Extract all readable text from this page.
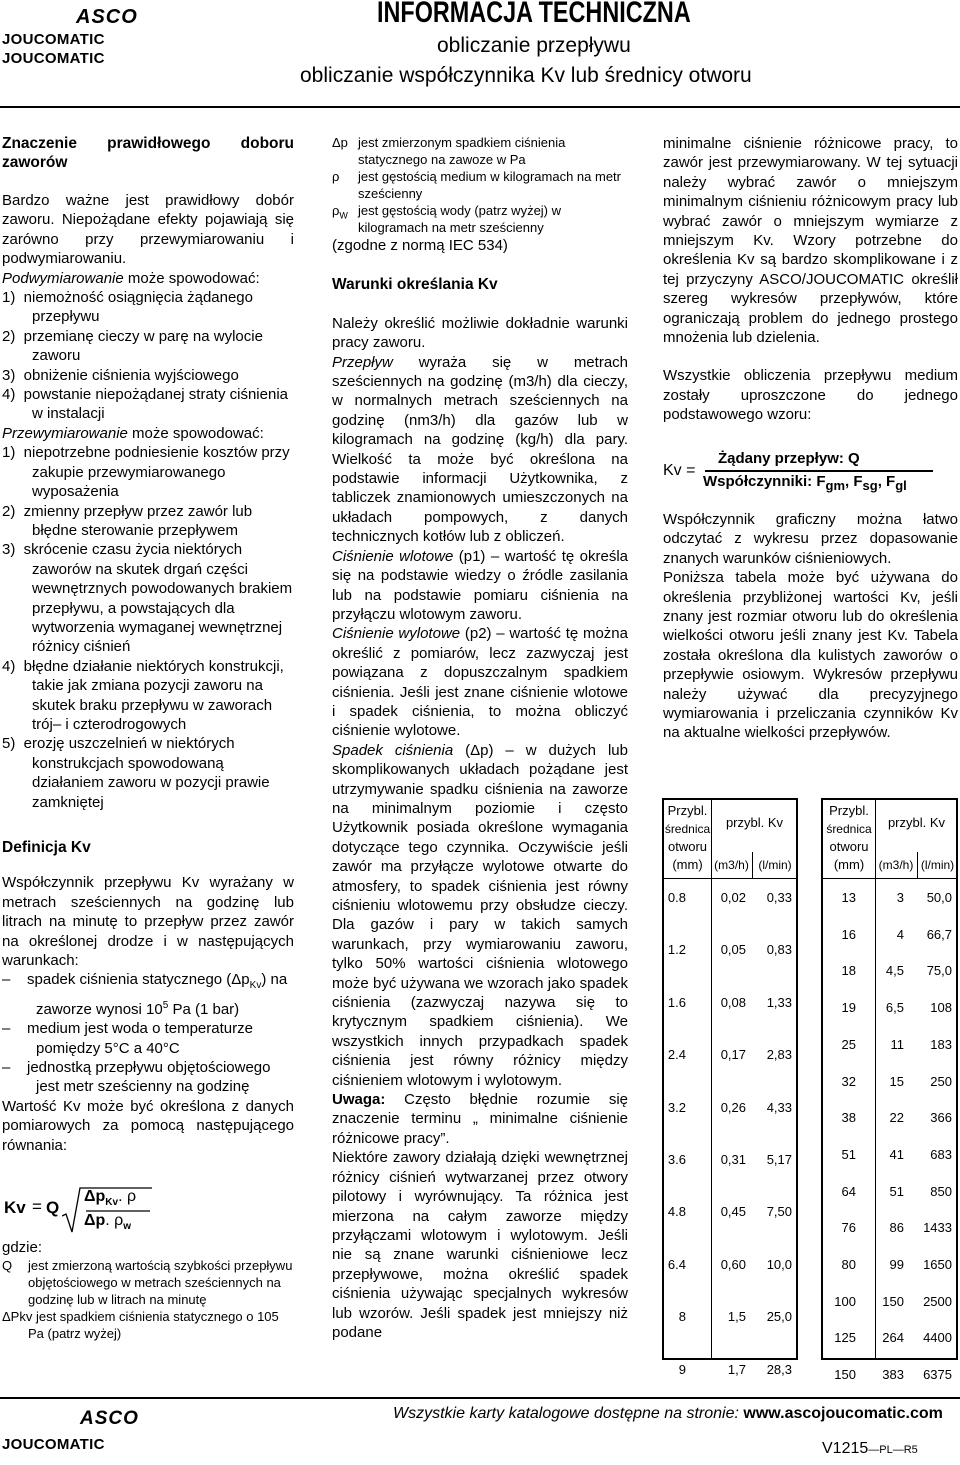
ASCO
JOUCOMATIC
JOUCOMATIC
INFORMACJA TECHNICZNA
obliczanie przepływu
obliczanie współczynnika Kv lub średnicy otworu

Znaczenie prawidłowego doboru zaworów

Bardzo ważne jest prawidłowy dobór zaworu. Niepożądane efekty pojawiają się zarówno przy przewymiarowaniu i podwymiarowaniu.

Podwymiarowanie może spowodować:

1)  niemożność osiągnięcia żądanego przepływu

2)  przemianę cieczy w parę na wylocie zaworu

3)  obniżenie ciśnienia wyjściowego

4)  powstanie niepożądanej straty ciśnienia w instalacji

Przewymiarowanie może spowodować:

1)  niepotrzebne podniesienie kosztów przy zakupie przewymiarowanego wyposażenia

2)  zmienny przepływ przez zawór lub błędne sterowanie przepływem

3)  skrócenie czasu życia niektórych zaworów na skutek drgań części wewnętrznych powodowanych brakiem przepływu, a powstających dla wytworzenia wymaganej wewnętrznej różnicy ciśnień

4)  błędne działanie niektórych konstrukcji, takie jak zmiana pozycji zaworu na skutek braku przepływu w zaworach trój– i czterodrogowych

5)  erozję uszczelnień w niektórych konstrukcjach spowodowaną działaniem zaworu w pozycji prawie zamkniętej

Definicja Kv

Współczynnik przepływu Kv wyrażany w metrach sześciennych na godzinę lub litrach na minutę to przepływ przez zawór na określonej drodze i w następujących warunkach:

–    spadek ciśnienia statycznego $(\Delta p_{Kv})$ na zaworze wynosi $10^5$ Pa (1 bar)

–    medium jest woda o temperaturze pomiędzy 5°C a 40°C

–    jednostką przepływu objętościowego jest metr sześcienny na godzinę

Wartość Kv może być określona z danych pomiarowych za pomocą następującego równania:

Kv = Q
$\Delta p_{Kv}$. ρ
Δp. $\rho_w$

gdzie:

Q jest zmierzoną wartością szybkości przepływu objętościowego w metrach sześciennych na godzinę lub w litrach na minutę

ΔPkv jest spadkiem ciśnienia statycznego o 105 Pa (patrz wyżej)

Δp jest zmierzonym spadkiem ciśnienia statycznego na zawoze w Pa
ρ jest gęstością medium w kilogramach na metr sześcienny
$\rho_W$ jest gęstością wody (patrz wyżej) w kilogramach na metr sześcienny

(zgodne z normą IEC 534)

Warunki określania Kv

Należy określić możliwie dokładnie warunki pracy zaworu.

Przepływ wyraża się w metrach sześciennych na godzinę (m3/h) dla cieczy, w normalnych metrach sześciennych na godzinę (nm3/h) dla gazów lub w kilogramach na godzinę (kg/h) dla pary. Wielkość ta może być określona na podstawie informacji Użytkownika, z tabliczek znamionowych umieszczonych na układach pompowych, z danych technicznych kotłów lub z obliczeń.

Ciśnienie wlotowe (p1) – wartość tę określa się na podstawie wiedzy o źródle zasilania lub na podstawie pomiaru ciśnienia na przyłączu wlotowym zaworu.

Ciśnienie wylotowe (p2) – wartość tę można określić z pomiarów, lecz zazwyczaj jest powiązana z dopuszczalnym spadkiem ciśnienia. Jeśli jest znane ciśnienie wlotowe i spadek ciśnienia, to można obliczyć ciśnienie wylotowe.

Spadek ciśnienia (Δp) – w dużych lub skomplikowanych układach pożądane jest utrzymywanie spadku ciśnienia na zaworze na minimalnym poziomie i często Użytkownik posiada określone wymagania dotyczące tego czynnika. Oczywiście jeśli zawór ma przyłącze wylotowe otwarte do atmosfery, to spadek ciśnienia jest równy ciśnieniu wlotowemu przy obsłudze cieczy. Dla gazów i pary w takich samych warunkach, przy wymiarowaniu zaworu, tylko 50% wartości ciśnienia wlotowego może być używana we wzorach jako spadek ciśnienia (zazwyczaj nazywa się to krytycznym spadkiem ciśnienia). We wszystkich innych przypadkach spadek ciśnienia jest równy różnicy między ciśnieniem wlotowym i wylotowym.

Uwaga: Często błędnie rozumie się znaczenie terminu „ minimalne ciśnienie różnicowe pracy”.

Niektóre zawory działają dzięki wewnętrznej różnicy ciśnień wytwarzanej przez otwory pilotowy i wyrównujący. Ta różnica jest mierzona na całym zaworze między przyłączami wlotowym i wylotowym. Jeśli nie są znane warunki ciśnieniowe lecz przepływowe, można określić spadek ciśnienia używając specjalnych wykresów lub wzorów. Jeśli spadek jest mniejszy niż podane

minimalne ciśnienie różnicowe pracy, to zawór jest przewymiarowany. W tej sytuacji należy wybrać zawór o mniejszym minimalnym ciśnieniu różnicowym pracy lub wybrać zawór o mniejszym wymiarze z mniejszym Kv. Wzory potrzebne do określenia Kv są bardzo skomplikowane i z tej przyczyny ASCO/JOUCOMATIC określił szereg wykresów przepływów, które ograniczają problem do jednego prostego mnożenia lub dzielenia.

Wszystkie obliczenia przepływu medium zostały uproszczone do jednego podstawowego wzoru:

Kv =
Żądany przepływ: Q
Współczynniki: $F_{gm}$, $F_{sg}$, $F_{gl}$

Współczynnik graficzny można łatwo odczytać z wykresu przez dopasowanie znanych warunków ciśnieniowych.

Poniższa tabela może być używana do określenia przybliżonej wartości Kv, jeśli znany jest rozmiar otworu lub do określenia wielkości otworu jeśli znany jest Kv. Tabela została określona dla kulistych zaworów o przepływie osiowym. Wykresów przepływu należy używać dla precyzyjnego wymiarowania i przeliczania czynników Kv na aktualne wielkości przepływów.

Przybl.
średnica
otworu
(mm)
przybl. Kv
(m3/h) (l/min)
0.8	0,02 0,33
1.2	0,05 0,83
1.6	0,08 1,33
2.4	0,17 2,83
3.2	0,26 4,33
3.6	0,31 5,17
4.8	0,45 7,50
6.4	0,60 10,0
8	1,5 25,0
9	1,7 28,3
Przybl.
średnica
otworu
(mm)
przybl. Kv
(m3/h) (l/min)
13	3 50,0
16	4 66,7
18 4,5 75,0
19 6,5 108
25	11 183
32	15 250
38	22 366
51	41 683
64	51 850
76	86 1433
80	99 1650
100 150 2500
125 264 4400
150 383 6375
Wszystkie karty katalogowe dostępne na stronie: www.ascojoucomatic.com
V1215—PL—R5
ASCO
JOUCOMATIC
